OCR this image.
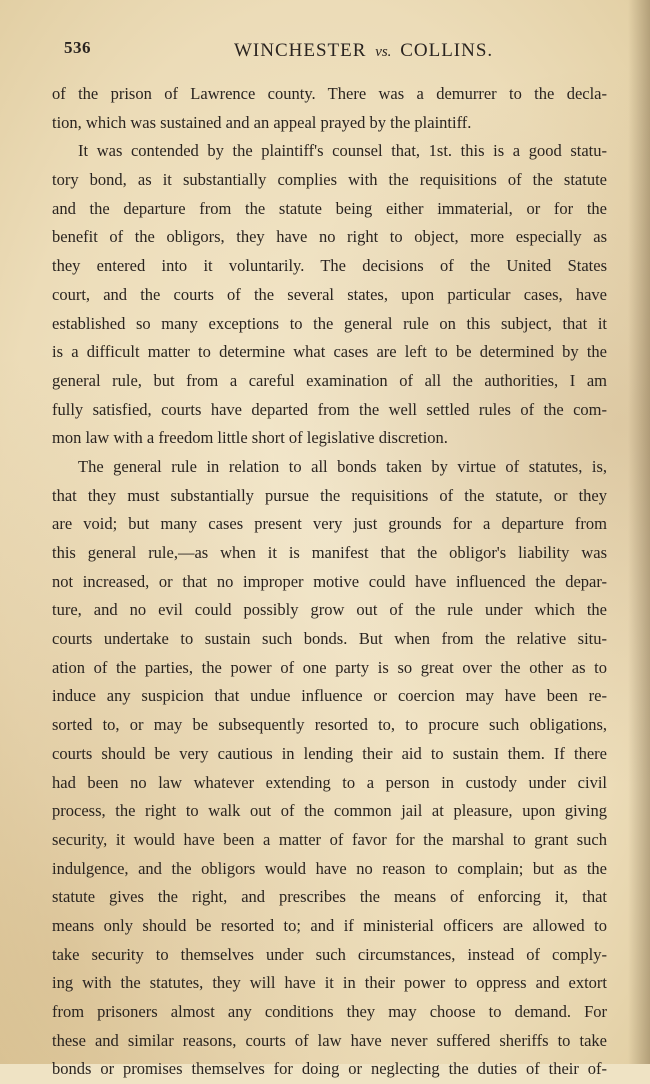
536	WINCHESTER vs. COLLINS.
of the prison of Lawrence county. There was a demurrer to the decla-
tion, which was sustained and an appeal prayed by the plaintiff.
It was contended by the plaintiff's counsel that, 1st. this is a good statu-
tory bond, as it substantially complies with the requisitions of the statute
and the departure from the statute being either immaterial, or for the
benefit of the obligors, they have no right to object, more especially as
they entered into it voluntarily. The decisions of the United States
court, and the courts of the several states, upon particular cases, have
established so many exceptions to the general rule on this subject, that it
is a difficult matter to determine what cases are left to be determined by the
general rule, but from a careful examination of all the authorities, I am
fully satisfied, courts have departed from the well settled rules of the com-
mon law with a freedom little short of legislative discretion.
The general rule in relation to all bonds taken by virtue of statutes, is,
that they must substantially pursue the requisitions of the statute, or they
are void; but many cases present very just grounds for a departure from
this general rule,—as when it is manifest that the obligor's liability was
not increased, or that no improper motive could have influenced the depar-
ture, and no evil could possibly grow out of the rule under which the
courts undertake to sustain such bonds. But when from the relative situ-
ation of the parties, the power of one party is so great over the other as to
induce any suspicion that undue influence or coercion may have been re-
sorted to, or may be subsequently resorted to, to procure such obligations,
courts should be very cautious in lending their aid to sustain them. If there
had been no law whatever extending to a person in custody under civil
process, the right to walk out of the common jail at pleasure, upon giving
security, it would have been a matter of favor for the marshal to grant such
indulgence, and the obligors would have no reason to complain; but as the
statute gives the right, and prescribes the means of enforcing it, that
means only should be resorted to; and if ministerial officers are allowed to
take security to themselves under such circumstances, instead of comply-
ing with the statutes, they will have it in their power to oppress and extort
from prisoners almost any conditions they may choose to demand. For
these and similar reasons, courts of law have never suffered sheriffs to take
bonds or promises themselves for doing or neglecting the duties of their of-
